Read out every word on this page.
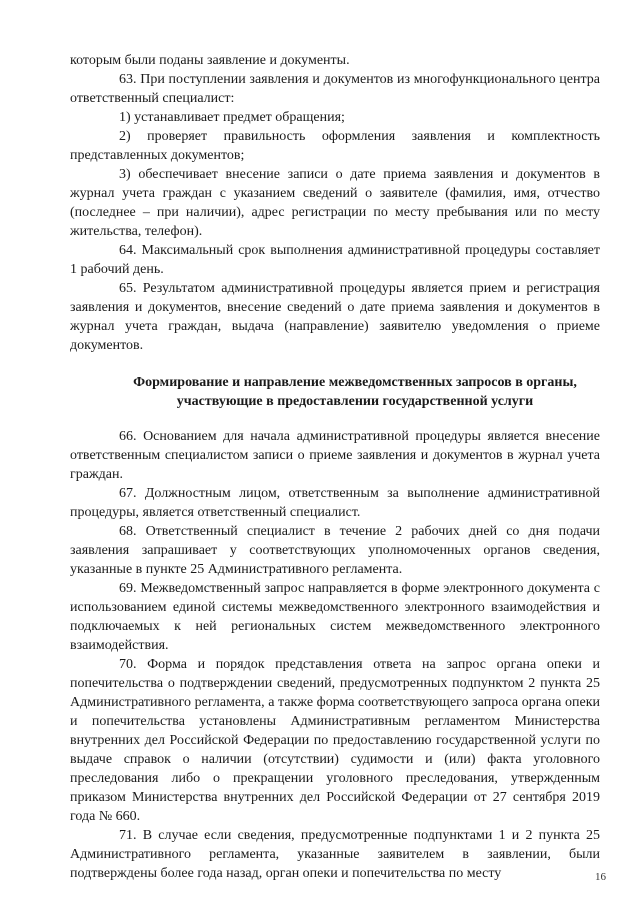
которым были поданы заявление и документы.

63. При поступлении заявления и документов из многофункционального центра ответственный специалист:

1) устанавливает предмет обращения;

2) проверяет правильность оформления заявления и комплектность представленных документов;

3) обеспечивает внесение записи о дате приема заявления и документов в журнал учета граждан с указанием сведений о заявителе (фамилия, имя, отчество (последнее – при наличии), адрес регистрации по месту пребывания или по месту жительства, телефон).

64. Максимальный срок выполнения административной процедуры составляет 1 рабочий день.

65. Результатом административной процедуры является прием и регистрация заявления и документов, внесение сведений о дате приема заявления и документов в журнал учета граждан, выдача (направление) заявителю уведомления о приеме документов.

Формирование и направление межведомственных запросов в органы, участвующие в предоставлении государственной услуги

66. Основанием для начала административной процедуры является внесение ответственным специалистом записи о приеме заявления и документов в журнал учета граждан.

67. Должностным лицом, ответственным за выполнение административной процедуры, является ответственный специалист.

68. Ответственный специалист в течение 2 рабочих дней со дня подачи заявления запрашивает у соответствующих уполномоченных органов сведения, указанные в пункте 25 Административного регламента.

69. Межведомственный запрос направляется в форме электронного документа с использованием единой системы межведомственного электронного взаимодействия и подключаемых к ней региональных систем межведомственного электронного взаимодействия.

70. Форма и порядок представления ответа на запрос органа опеки и попечительства о подтверждении сведений, предусмотренных подпунктом 2 пункта 25 Административного регламента, а также форма соответствующего запроса органа опеки и попечительства установлены Административным регламентом Министерства внутренних дел Российской Федерации по предоставлению государственной услуги по выдаче справок о наличии (отсутствии) судимости и (или) факта уголовного преследования либо о прекращении уголовного преследования, утвержденным приказом Министерства внутренних дел Российской Федерации от 27 сентября 2019 года № 660.

71. В случае если сведения, предусмотренные подпунктами 1 и 2 пункта 25 Административного регламента, указанные заявителем в заявлении, были подтверждены более года назад, орган опеки и попечительства по месту	16
